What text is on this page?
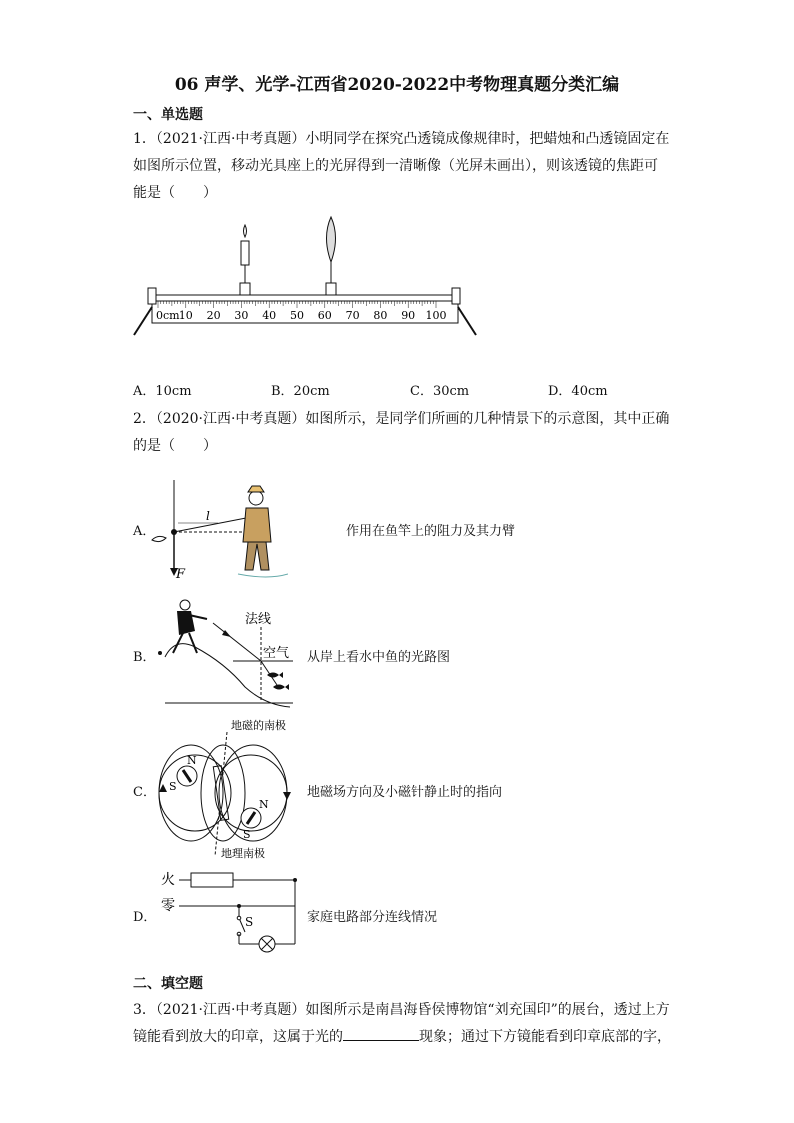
06 声学、光学-江西省2020-2022中考物理真题分类汇编
一、单选题
1．（2021·江西·中考真题）小明同学在探究凸透镜成像规律时，把蜡烛和凸透镜固定在
如图所示位置，移动光具座上的光屏得到一清晰像（光屏未画出），则该透镜的焦距可
能是（　　）
0cm 10 20 30 40 50 60 70 80 90 100
A．10cm	B．20cm	C．30cm	D．40cm
2．（2020·江西·中考真题）如图所示，是同学们所画的几种情景下的示意图，其中正确
的是（　　）
A．
l
F
作用在鱼竿上的阻力及其力臂
B．
法线
空气 从岸上看水中鱼的光路图
C．
地磁的南极
地理南极
N
S
N
S
地磁场方向及小磁针静止时的指向
D．
火
零
S	家庭电路部分连线情况
二、填空题
3．（2021·江西·中考真题）如图所示是南昌海昏侯博物馆“刘充国印”的展台，透过上方
镜能看到放大的印章，这属于光的	现象；通过下方镜能看到印章底部的字，
